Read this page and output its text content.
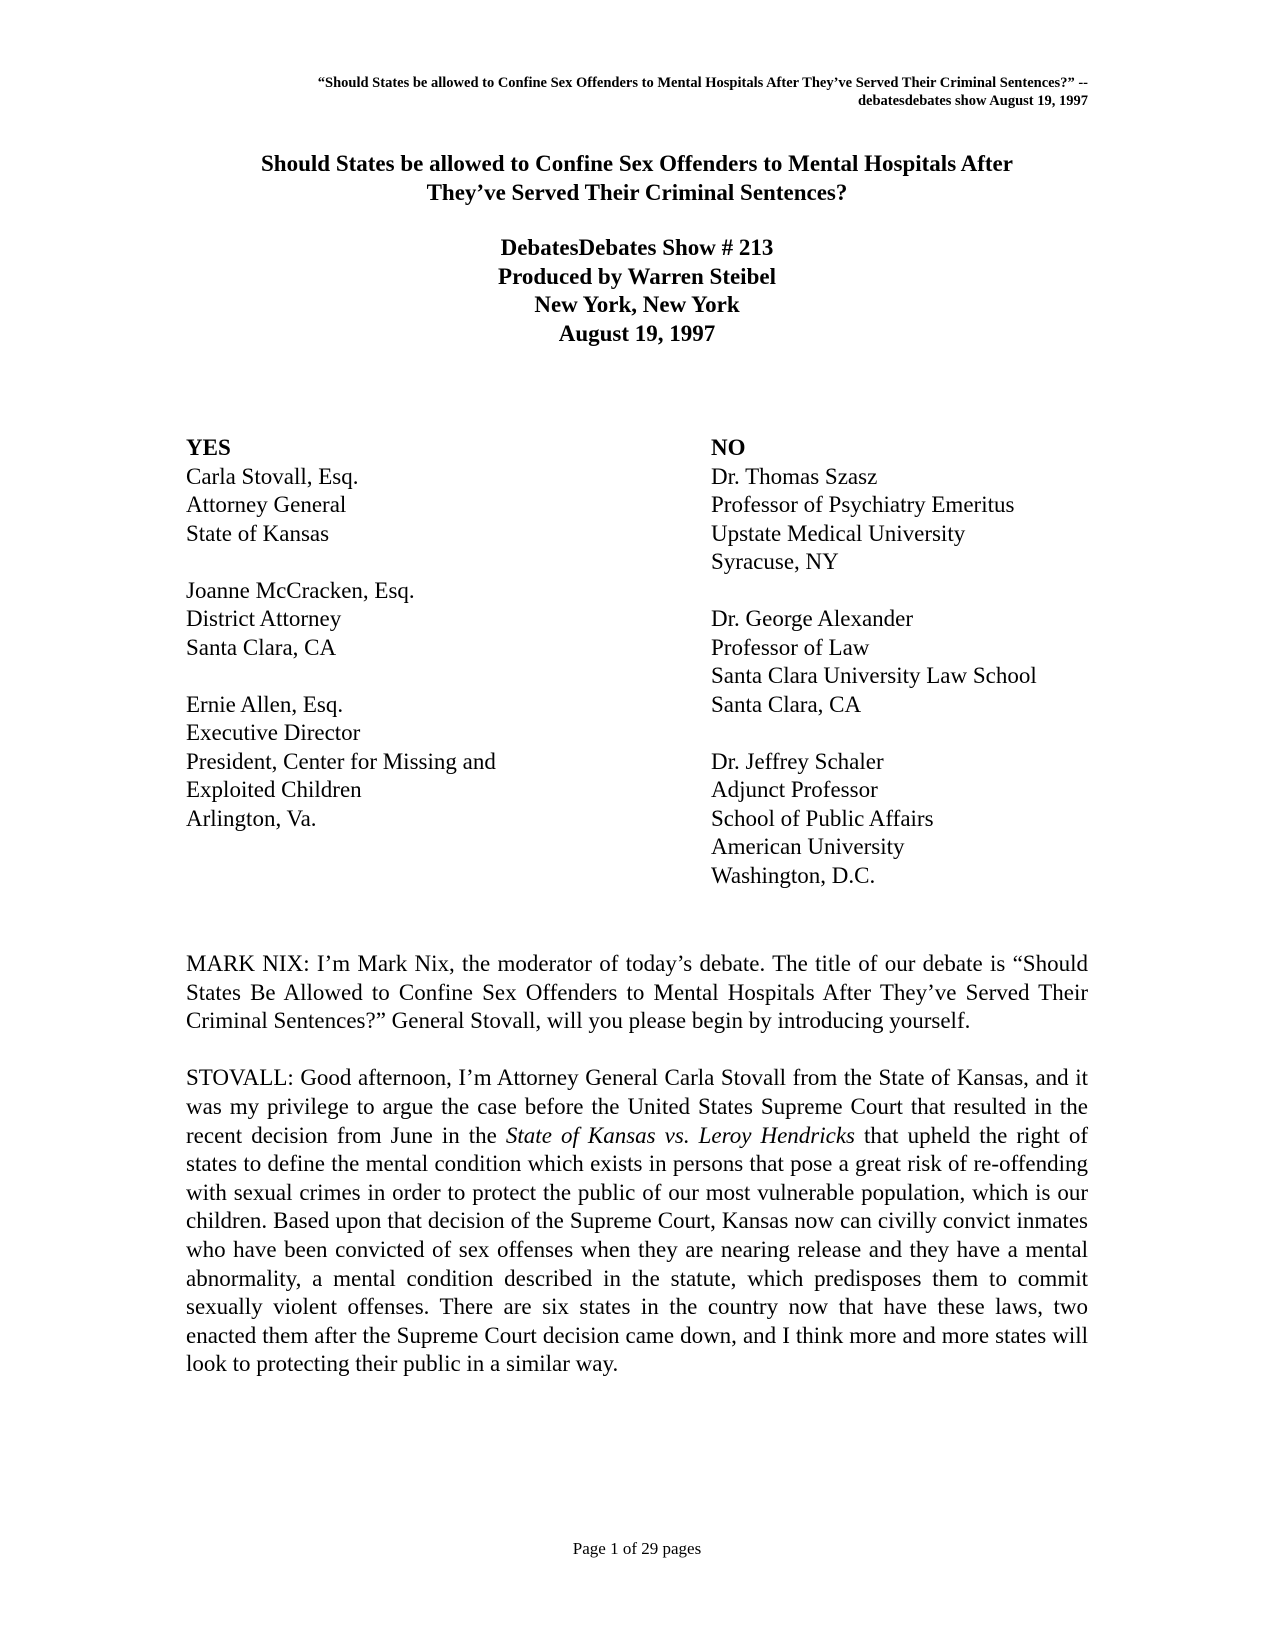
“Should States be allowed to Confine Sex Offenders to Mental Hospitals After They’ve Served Their Criminal Sentences?” --
debatesdebates show August 19, 1997
Should States be allowed to Confine Sex Offenders to Mental Hospitals After
They’ve Served Their Criminal Sentences?
DebatesDebates Show # 213
Produced by Warren Steibel
New York, New York
August 19, 1997
YES
Carla Stovall, Esq.
Attorney General
State of Kansas
Joanne McCracken, Esq.
District Attorney
Santa Clara, CA
Ernie Allen, Esq.
Executive Director
President, Center for Missing and
Exploited Children
Arlington, Va.
NO
Dr. Thomas Szasz
Professor of Psychiatry Emeritus
Upstate Medical University
Syracuse, NY
Dr. George Alexander
Professor of Law
Santa Clara University Law School
Santa Clara, CA
Dr. Jeffrey Schaler
Adjunct Professor
School of Public Affairs
American University
Washington, D.C.

MARK NIX: I’m Mark Nix, the moderator of today’s debate. The title of our debate is “Should States Be Allowed to Confine Sex Offenders to Mental Hospitals After They’ve Served Their Criminal Sentences?” General Stovall, will you please begin by introducing yourself.

STOVALL: Good afternoon, I’m Attorney General Carla Stovall from the State of Kansas, and it was my privilege to argue the case before the United States Supreme Court that resulted in the recent decision from June in the State of Kansas vs. Leroy Hendricks that upheld the right of states to define the mental condition which exists in persons that pose a great risk of re-offending with sexual crimes in order to protect the public of our most vulnerable population, which is our children. Based upon that decision of the Supreme Court, Kansas now can civilly convict inmates who have been convicted of sex offenses when they are nearing release and they have a mental abnormality, a mental condition described in the statute, which predisposes them to commit sexually violent offenses. There are six states in the country now that have these laws, two enacted them after the Supreme Court decision came down, and I think more and more states will look to protecting their public in a similar way.

Page 1 of 29 pages
